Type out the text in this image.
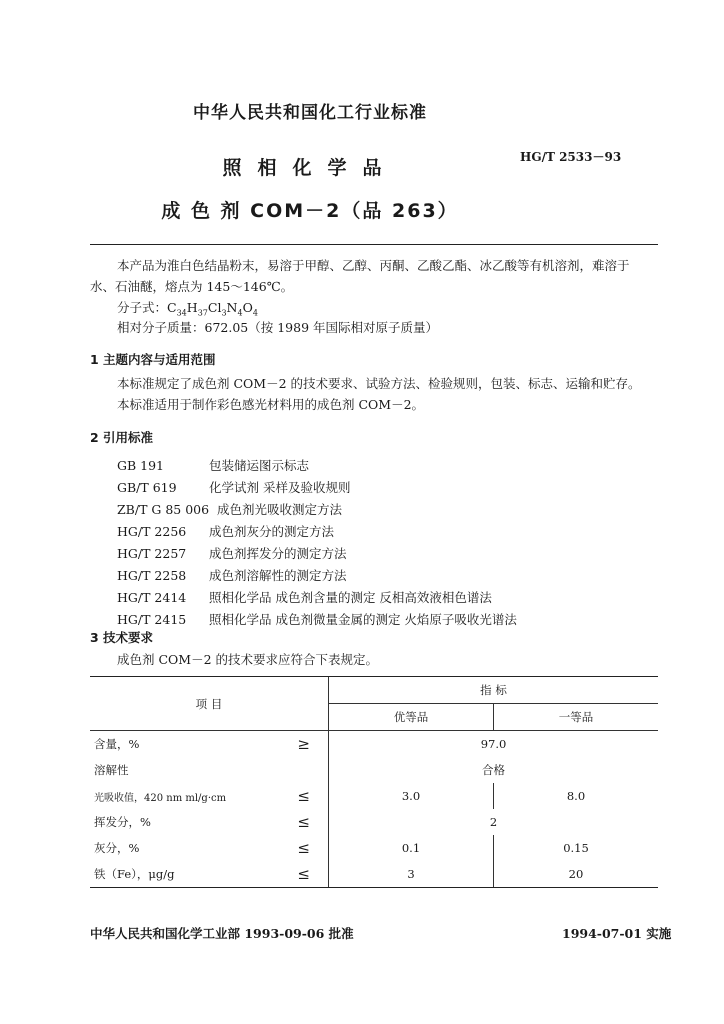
中华人民共和国化工行业标准
HG/T 2533－93
照相化学品
成 色 剂 COM－2（品 263）
本产品为淮白色结晶粉末，易溶于甲醇、乙醇、丙酮、乙酸乙酯、冰乙酸等有机溶剂，难溶于
水、石油醚，熔点为 145～146℃。
分子式：$C_{34}H_{37}Cl_3N_4O_4$
相对分子质量：672.05（按 1989 年国际相对原子质量）
1 主题内容与适用范围
本标准规定了成色剂 COM－2 的技术要求、试验方法、检验规则，包装、标志、运输和贮存。
本标准适用于制作彩色感光材料用的成色剂 COM－2。
2 引用标准
GB 191	包装储运图示标志
GB/T 619	化学试剂 采样及验收规则
ZB/T G 85 006 成色剂光吸收测定方法
HG/T 2256 成色剂灰分的测定方法
HG/T 2257 成色剂挥发分的测定方法
HG/T 2258 成色剂溶解性的测定方法
HG/T 2414 照相化学品 成色剂含量的测定 反相高效液相色谱法
HG/T 2415 照相化学品 成色剂微量金属的测定 火焰原子吸收光谱法
3 技术要求
成色剂 COM－2 的技术要求应符合下表规定。
项 目		指 标	
		优等品	一等品
含量，%	≥	97.0	
溶解性		合格	
光吸收值，420 nm ml/g·cm	≤	3.0	8.0
挥发分，%	≤	2	
灰分，%	≤	0.1	0.15
铁（Fe），μg/g	≤	3	20
中华人民共和国化学工业部 1993-09-06 批准	1994-07-01 实施
